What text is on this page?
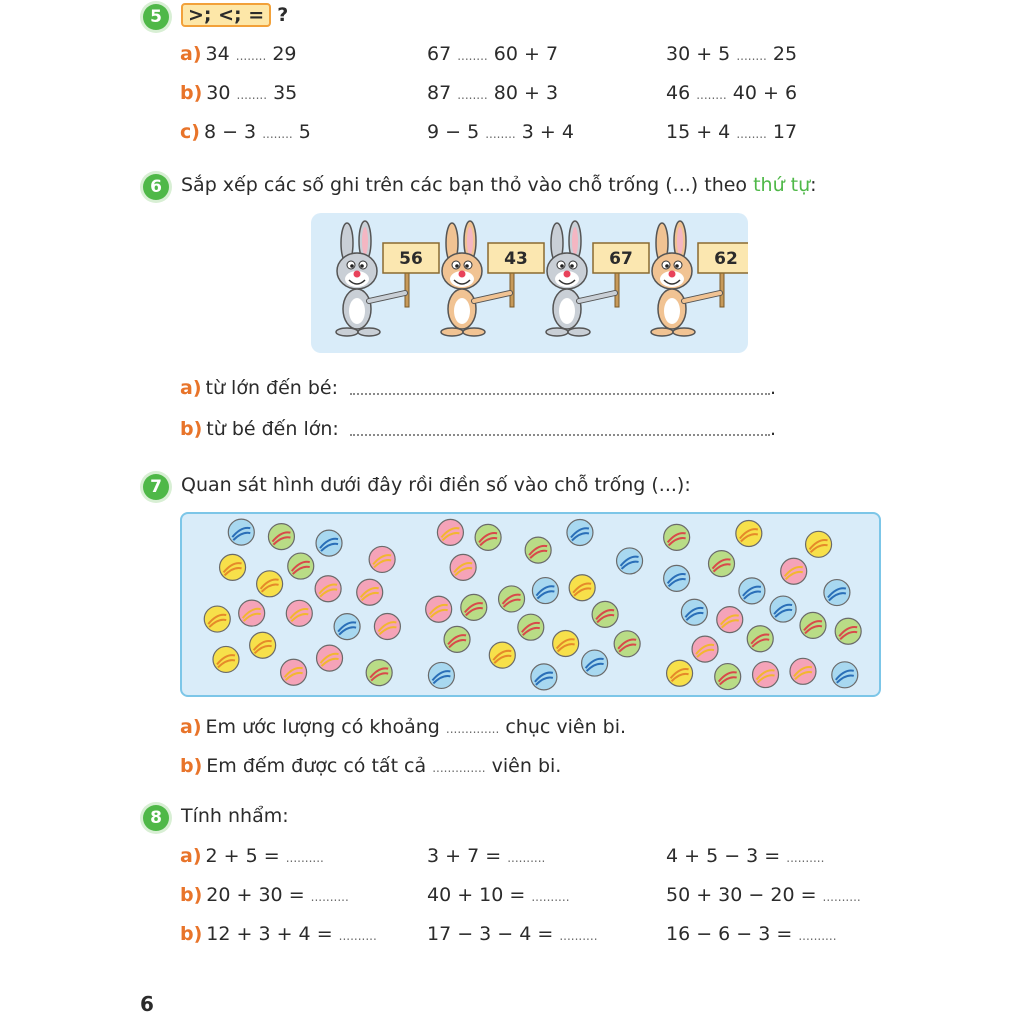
5	>; <; = ?
a) 34 ........ 29	67 ........ 60 + 7	30 + 5 ........ 25
b) 30 ........ 35	87 ........ 80 + 3	46 ........ 40 + 6
c) 8 − 3 ........ 5	9 − 5 ........ 3 + 4	15 + 4 ........ 17
6	Sắp xếp các số ghi trên các bạn thỏ vào chỗ trống (...) theo thứ tự:
56	43	67	62
a) từ lớn đến bé:	.
b) từ bé đến lớn:	.
7	Quan sát hình dưới đây rồi điền số vào chỗ trống (...):
a) Em ước lượng có khoảng .............. chục viên bi.
b) Em đếm được có tất cả .............. viên bi.
8	Tính nhẩm:
a) 2 + 5 = ..........	3 + 7 = ..........	4 + 5 − 3 = ..........
b) 20 + 30 = ..........	40 + 10 = ..........	50 + 30 − 20 = ..........
b) 12 + 3 + 4 = ..........	17 − 3 − 4 = ..........	16 − 6 − 3 = ..........
6
